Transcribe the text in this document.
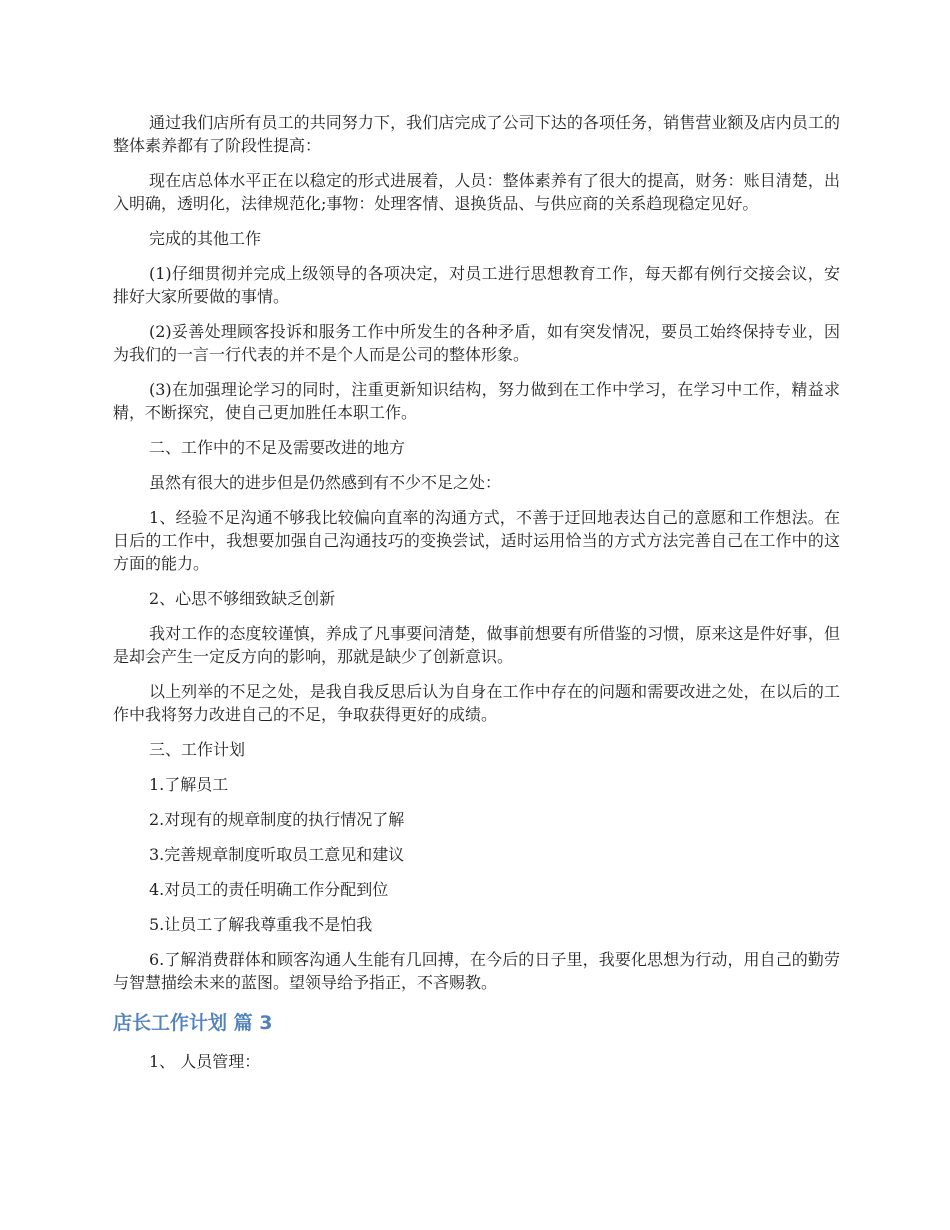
通过我们店所有员工的共同努力下，我们店完成了公司下达的各项任务，销售营业额及店内员工的整体素养都有了阶段性提高：

现在店总体水平正在以稳定的形式进展着，人员：整体素养有了很大的提高，财务：账目清楚，出入明确，透明化，法律规范化;事物：处理客情、退换货品、与供应商的关系趋现稳定见好。

完成的其他工作

(1)仔细贯彻并完成上级领导的各项决定，对员工进行思想教育工作，每天都有例行交接会议，安排好大家所要做的事情。

(2)妥善处理顾客投诉和服务工作中所发生的各种矛盾，如有突发情况，要员工始终保持专业，因为我们的一言一行代表的并不是个人而是公司的整体形象。

(3)在加强理论学习的同时，注重更新知识结构，努力做到在工作中学习，在学习中工作，精益求精，不断探究，使自己更加胜任本职工作。

二、工作中的不足及需要改进的地方

虽然有很大的进步但是仍然感到有不少不足之处：

1、经验不足沟通不够我比较偏向直率的沟通方式，不善于迂回地表达自己的意愿和工作想法。在日后的工作中，我想要加强自己沟通技巧的变换尝试，适时运用恰当的方式方法完善自己在工作中的这方面的能力。

2、心思不够细致缺乏创新

我对工作的态度较谨慎，养成了凡事要问清楚，做事前想要有所借鉴的习惯，原来这是件好事，但是却会产生一定反方向的影响，那就是缺少了创新意识。

以上列举的不足之处，是我自我反思后认为自身在工作中存在的问题和需要改进之处，在以后的工作中我将努力改进自己的不足，争取获得更好的成绩。

三、工作计划

1.了解员工

2.对现有的规章制度的执行情况了解

3.完善规章制度听取员工意见和建议

4.对员工的责任明确工作分配到位

5.让员工了解我尊重我不是怕我

6.了解消费群体和顾客沟通人生能有几回搏，在今后的日子里，我要化思想为行动，用自己的勤劳与智慧描绘未来的蓝图。望领导给予指正，不吝赐教。

店长工作计划 篇 3

1、 人员管理：
